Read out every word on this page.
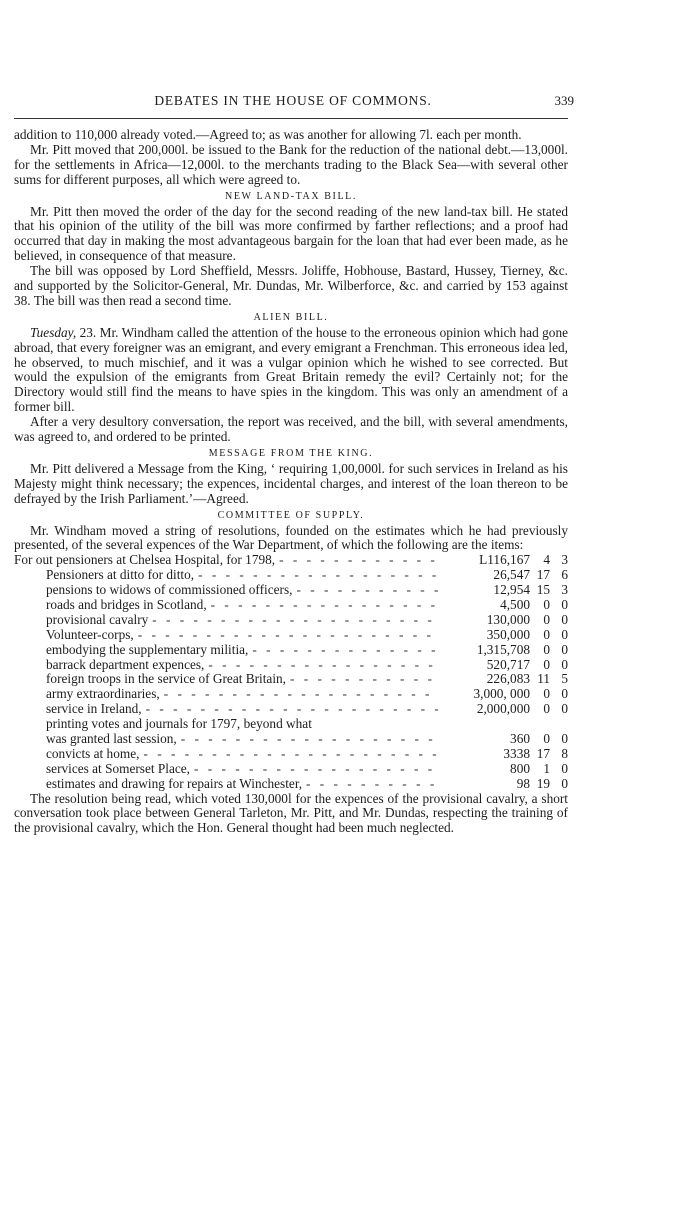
DEBATES IN THE HOUSE OF COMMONS.	339

addition to 110,000 already voted.—Agreed to; as was another for allowing 7l. each per month.

Mr. Pitt moved that 200,000l. be issued to the Bank for the reduction of the national debt.—13,000l. for the settlements in Africa—12,000l. to the merchants trading to the Black Sea—with several other sums for different purposes, all which were agreed to.

NEW LAND-TAX BILL.

Mr. Pitt then moved the order of the day for the second reading of the new land-tax bill. He stated that his opinion of the utility of the bill was more confirmed by farther reflections; and a proof had occurred that day in making the most advantageous bargain for the loan that had ever been made, as he believed, in consequence of that measure.

The bill was opposed by Lord Sheffield, Messrs. Joliffe, Hobhouse, Bastard, Hussey, Tierney, &c. and supported by the Solicitor-General, Mr. Dundas, Mr. Wilberforce, &c. and carried by 153 against 38. The bill was then read a second time.

ALIEN BILL.

Tuesday, 23. Mr. Windham called the attention of the house to the erroneous opinion which had gone abroad, that every foreigner was an emigrant, and every emigrant a Frenchman. This erroneous idea led, he observed, to much mischief, and it was a vulgar opinion which he wished to see corrected. But would the expulsion of the emigrants from Great Britain remedy the evil? Certainly not; for the Directory would still find the means to have spies in the kingdom. This was only an amendment of a former bill.

After a very desultory conversation, the report was received, and the bill, with several amendments, was agreed to, and ordered to be printed.

MESSAGE FROM THE KING.

Mr. Pitt delivered a Message from the King, ‘ requiring 1,00,000l. for such services in Ireland as his Majesty might think necessary; the expences, incidental charges, and interest of the loan thereon to be defrayed by the Irish Parliament.’—Agreed.

COMMITTEE OF SUPPLY.

Mr. Windham moved a string of resolutions, founded on the estimates which he had previously presented, of the several expences of the War Department, of which the following are the items:

For out pensioners at Chelsea Hospital, for 1798, - - -	L116,167	4 3
Pensioners at ditto for ditto, - - -	26,547 17 6
pensions to widows of commissioned officers, - - -	12,954 15 3
roads and bridges in Scotland, - - -	4,500	0 0
provisional cavalry - - -	130,000	0 0
Volunteer-corps, - - -	350,000	0 0
embodying the supplementary militia, - - -	1,315,708	0 0
barrack department expences, - - -	520,717	0 0
foreign troops in the service of Great Britain, - - -	226,083 11 5
army extraordinaries, - - -	3,000, 000	0 0
service in Ireland, - - -	2,000,000	0 0
printing votes and journals for 1797, beyond what
was granted last session, - - -	360	0 0
convicts at home, - - -	3338 17 8
services at Somerset Place, - - -	800	1 0
estimates and drawing for repairs at Winchester, - - -	98 19 0

The resolution being read, which voted 130,000l for the expences of the provisional cavalry, a short conversation took place between General Tarleton, Mr. Pitt, and Mr. Dundas, respecting the training of the provisional cavalry, which the Hon. General thought had been much neglected.
